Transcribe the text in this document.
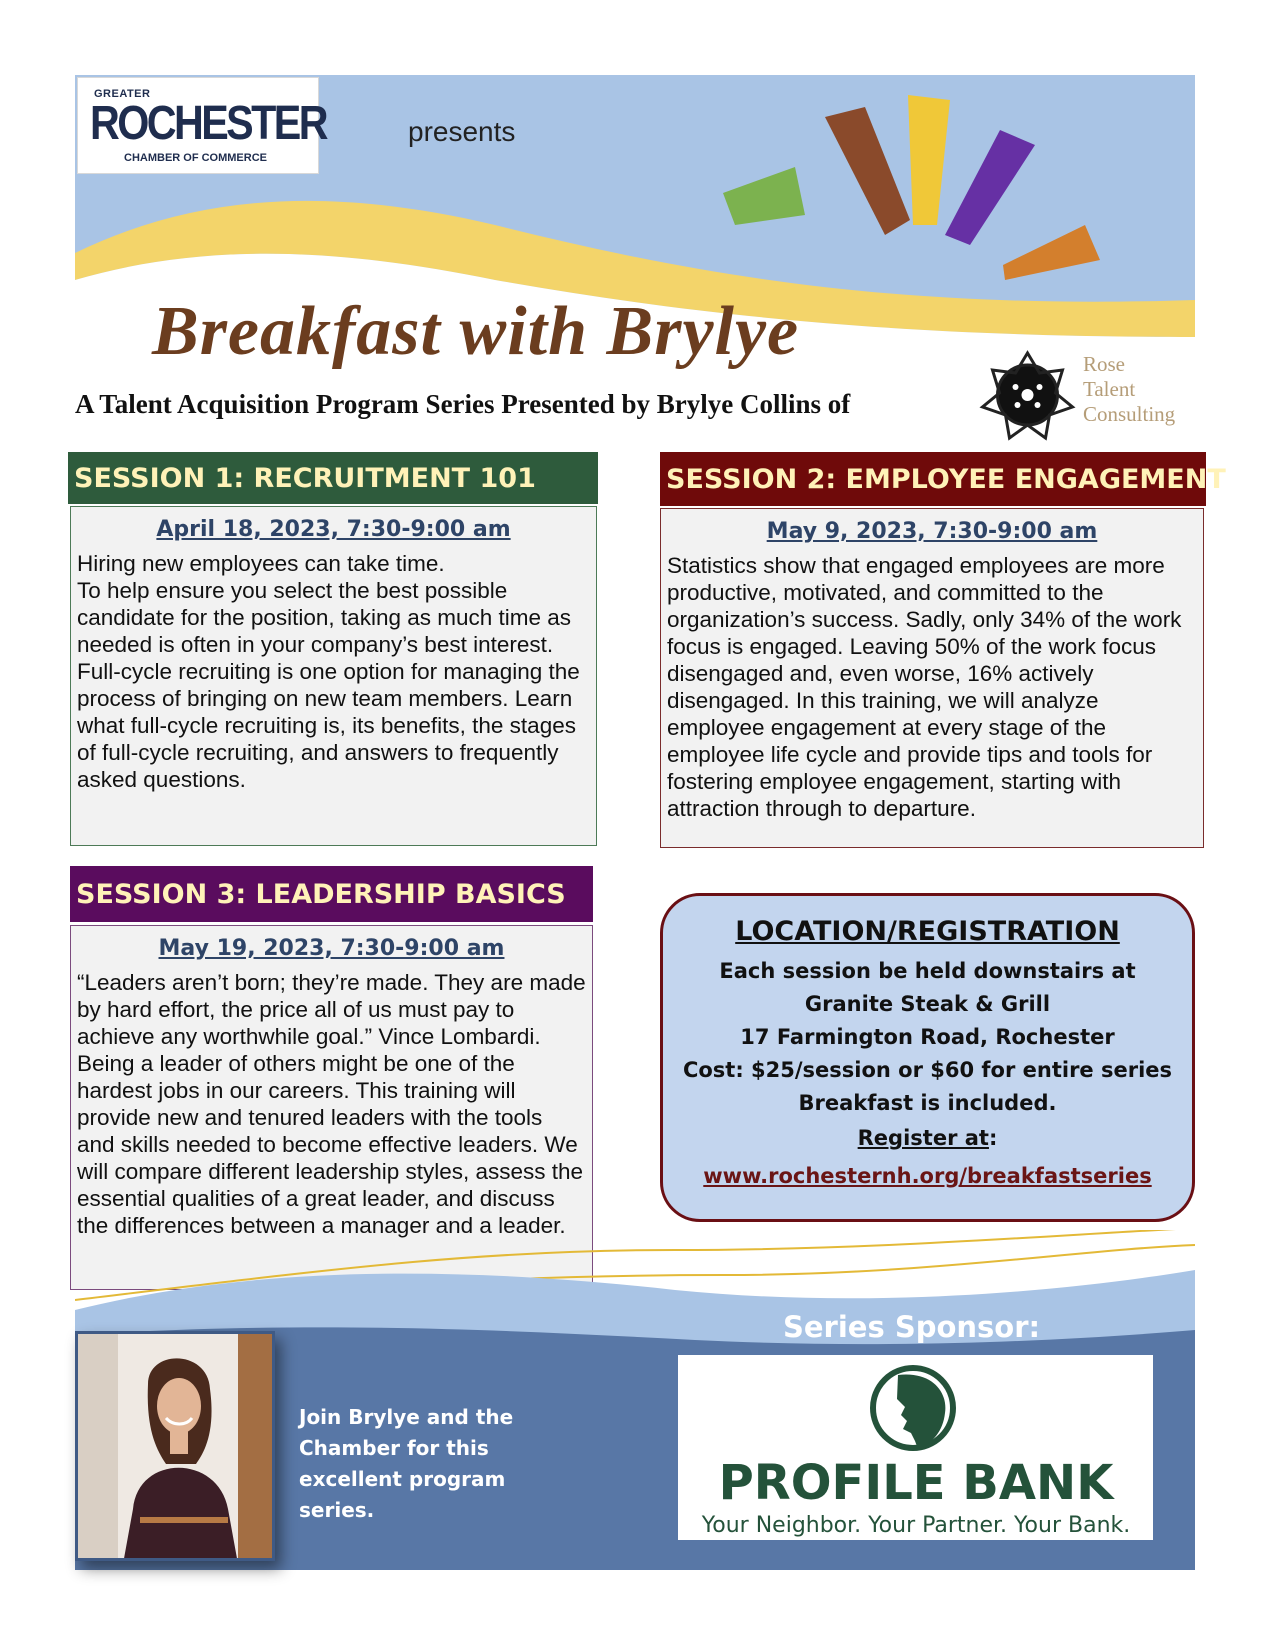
GREATER
ROCHESTER
CHAMBER OF COMMERCE
presents
Breakfast with Brylye
A Talent Acquisition Program Series Presented by Brylye Collins of
Rose
Talent
Consulting
SESSION 1: RECRUITMENT 101
April 18, 2023, 7:30-9:00 am
Hiring new employees can take time.
To help ensure you select the best possible candidate for the position, taking as much time as needed is often in your company’s best interest. Full-cycle recruiting is one option for managing the process of bringing on new team members. Learn what full-cycle recruiting is, its benefits, the stages of full-cycle recruiting, and answers to frequently asked questions.
SESSION 2: EMPLOYEE ENGAGEMENT
May 9, 2023, 7:30-9:00 am
Statistics show that engaged employees are more productive, motivated, and committed to the organization’s success. Sadly, only 34% of the work focus is engaged. Leaving 50% of the work focus disengaged and, even worse, 16% actively disengaged. In this training, we will analyze employee engagement at every stage of the employee life cycle and provide tips and tools for fostering employee engagement, starting with attraction through to departure.
SESSION 3: LEADERSHIP BASICS
May 19, 2023, 7:30-9:00 am
“Leaders aren’t born; they’re made. They are made by hard effort, the price all of us must pay to achieve any worthwhile goal.” Vince Lombardi. Being a leader of others might be one of the hardest jobs in our careers. This training will provide new and tenured leaders with the tools and skills needed to become effective leaders. We will compare different leadership styles, assess the essential qualities of a great leader, and discuss the differences between a manager and a leader.
Join Brylye and the Chamber for this excellent program series.
Series Sponsor:
PROFILE BANK
Your Neighbor. Your Partner. Your Bank.
LOCATION/REGISTRATION
Each session be held downstairs at
Granite Steak & Grill
17 Farmington Road, Rochester
Cost: $25/session or $60 for entire series
Breakfast is included.
Register at:
www.rochesternh.org/breakfastseries
